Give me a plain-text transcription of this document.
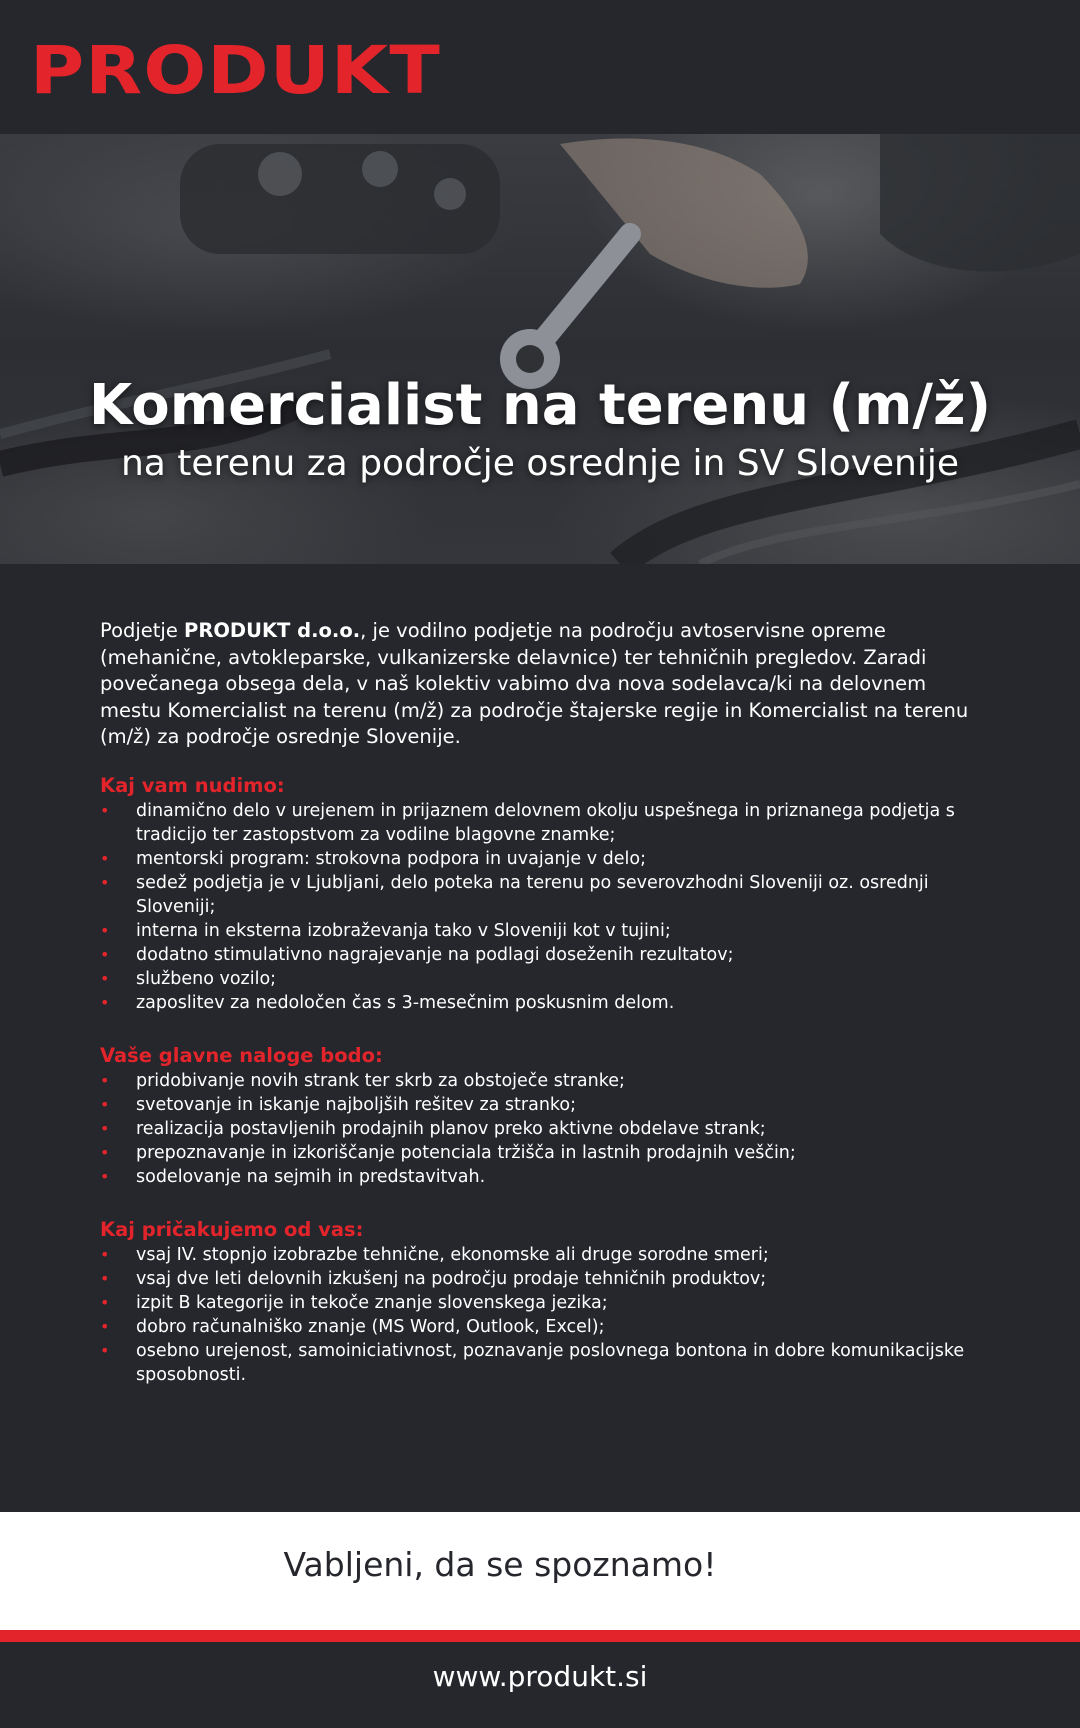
PRODUKT
Komercialist na terenu (m/ž)
na terenu za področje osrednje in SV Slovenije

Podjetje PRODUKT d.o.o., je vodilno podjetje na področju avtoservisne opreme (mehanične, avtokleparske, vulkanizerske delavnice) ter tehničnih pregledov. Zaradi povečanega obsega dela, v naš kolektiv vabimo dva nova sodelavca/ki na delovnem mestu Komercialist na terenu (m/ž) za področje štajerske regije in Komercialist na terenu (m/ž) za področje osrednje Slovenije.

Kaj vam nudimo:

• dinamično delo v urejenem in prijaznem delovnem okolju uspešnega in priznanega podjetja s tradicijo ter zastopstvom za vodilne blagovne znamke;
• mentorski program: strokovna podpora in uvajanje v delo;
• sedež podjetja je v Ljubljani, delo poteka na terenu po severovzhodni Sloveniji oz. osrednji Sloveniji;
• interna in eksterna izobraževanja tako v Sloveniji kot v tujini;
• dodatno stimulativno nagrajevanje na podlagi doseženih rezultatov;
• službeno vozilo;
• zaposlitev za nedoločen čas s 3-mesečnim poskusnim delom.

Vaše glavne naloge bodo:

• pridobivanje novih strank ter skrb za obstoječe stranke;
• svetovanje in iskanje najboljših rešitev za stranko;
• realizacija postavljenih prodajnih planov preko aktivne obdelave strank;
• prepoznavanje in izkoriščanje potenciala tržišča in lastnih prodajnih veščin;
• sodelovanje na sejmih in predstavitvah.

Kaj pričakujemo od vas:

• vsaj IV. stopnjo izobrazbe tehnične, ekonomske ali druge sorodne smeri;
• vsaj dve leti delovnih izkušenj na področju prodaje tehničnih produktov;
• izpit B kategorije in tekoče znanje slovenskega jezika;
• dobro računalniško znanje (MS Word, Outlook, Excel);
• osebno urejenost, samoiniciativnost, poznavanje poslovnega bontona in dobre komunikacijske sposobnosti.
Vabljeni, da se spoznamo!
www.produkt.si
